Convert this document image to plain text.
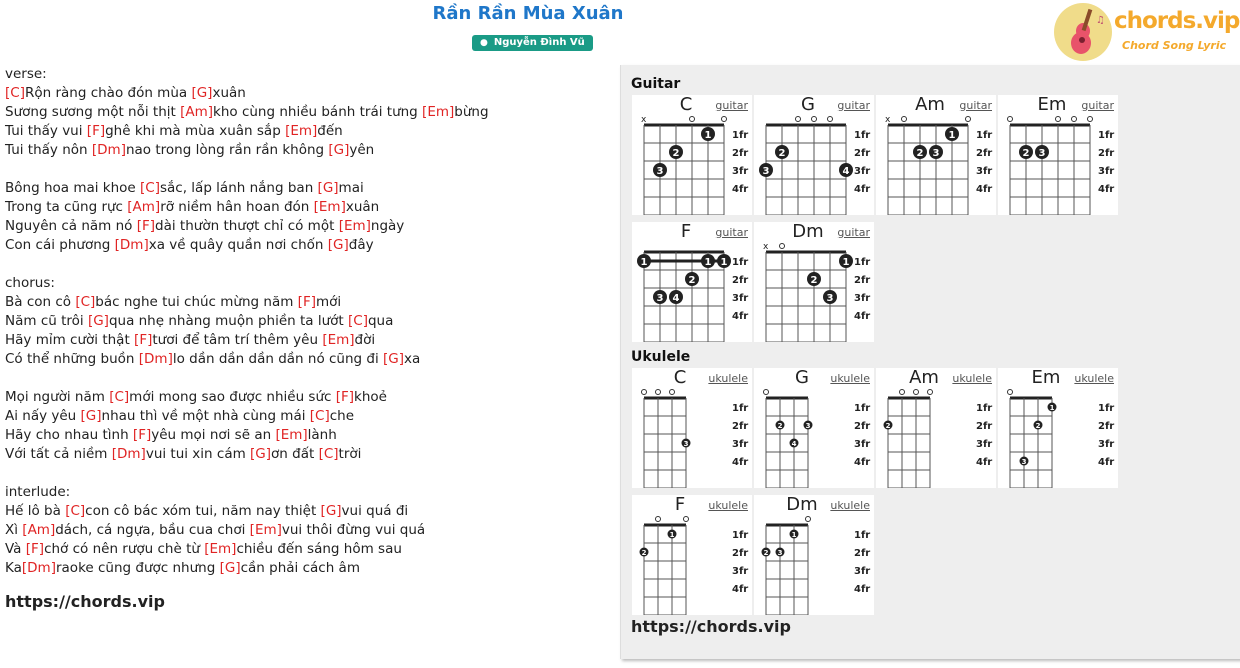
Rần Rần Mùa Xuân
● Nguyễn Đình Vũ
♫ chords.vip
Chord Song Lyric
verse:
[C]Rộn ràng chào đón mùa [G]xuân
Sương sương một nỗi thịt [Am]kho cùng nhiều bánh trái tưng [Em]bừng
Tui thấy vui [F]ghê khi mà mùa xuân sắp [Em]đến
Tui thấy nôn [Dm]nao trong lòng rần rần không [G]yên
Bông hoa mai khoe [C]sắc, lấp lánh nắng ban [G]mai
Trong ta cũng rực [Am]rỡ niềm hân hoan đón [Em]xuân
Nguyên cả năm nó [F]dài thườn thượt chỉ có một [Em]ngày
Con cái phương [Dm]xa về quây quần nơi chốn [G]đây
chorus:
Bà con cô [C]bác nghe tui chúc mừng năm [F]mới
Năm cũ trôi [G]qua nhẹ nhàng muộn phiền ta lướt [C]qua
Hãy mỉm cười thật [F]tươi để tâm trí thêm yêu [Em]đời
Có thể những buồn [Dm]lo dần dần dần dần nó cũng đi [G]xa
Mọi người năm [C]mới mong sao được nhiều sức [F]khoẻ
Ai nấy yêu [G]nhau thì về một nhà cùng mái [C]che
Hãy cho nhau tình [F]yêu mọi nơi sẽ an [Em]lành
Với tất cả niềm [Dm]vui tui xin cám [G]ơn đất [C]trời
interlude:
Hế lô bà [C]con cô bác xóm tui, năm nay thiệt [G]vui quá đi
Xì [Am]dách, cá ngựa, bầu cua chơi [Em]vui thôi đừng vui quá
Và [F]chớ có nên rượu chè từ [Em]chiều đến sáng hôm sau
Ka[Dm]raoke cũng được nhưng [G]cần phải cách âm
https://chords.vip
Guitar
1fr
2fr
3fr
4fr
x
1
2
3
C	guitar
1fr
2fr
3fr
4fr
2
3	4
G	guitar
1fr
2fr
3fr
4fr
x
1
2 3
Am	guitar
1fr
2fr
3fr
4fr
2 3
Em	guitar
1fr
2fr
3fr
4fr
1	1 1
2
3 4
F	guitar
1fr
2fr
3fr
4fr
x
1
2
3
Dm	guitar
Ukulele
1fr
2fr
3fr
4fr
3
C	ukulele
1fr
2fr
3fr
4fr
2	3
4
G	ukulele
1fr
2fr
3fr
4fr
2
Am	ukulele
1fr
2fr
3fr
4fr
1
2
3
Em	ukulele
1fr
2fr
3fr
4fr
1
2
F	ukulele
1fr
2fr
3fr
4fr
1
2 3
Dm	ukulele
https://chords.vip
